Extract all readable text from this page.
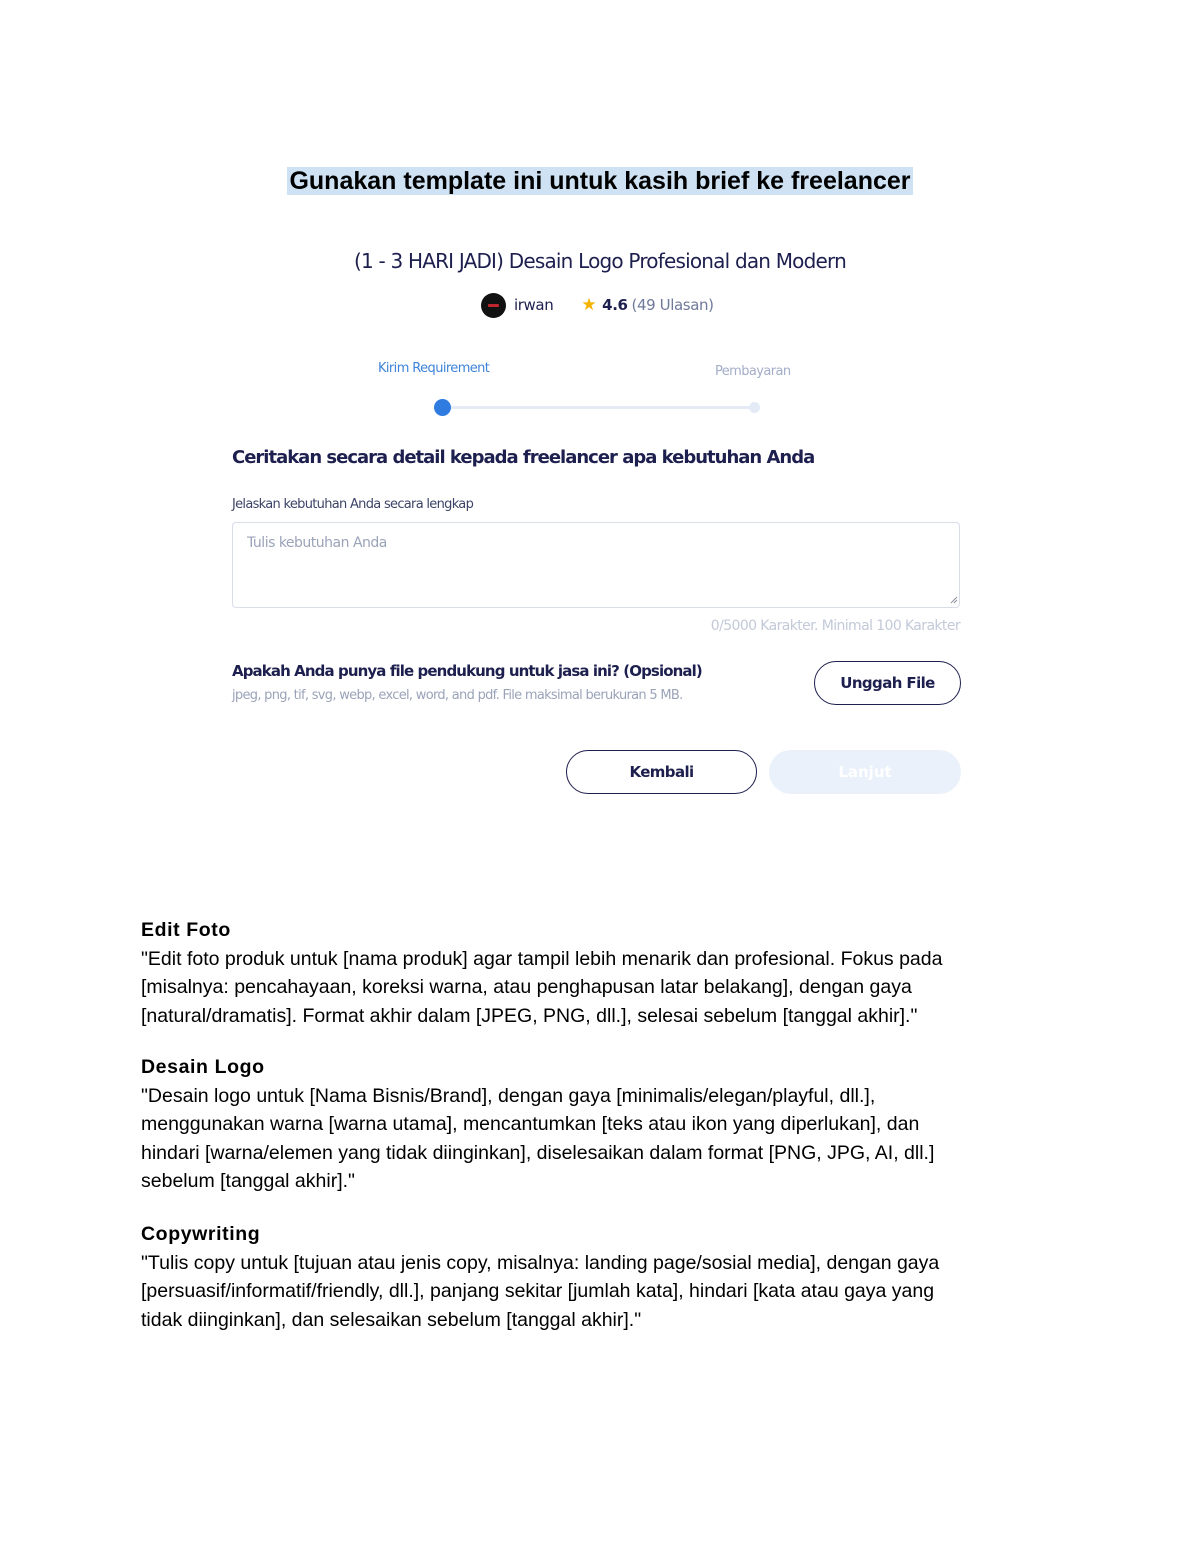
Gunakan template ini untuk kasih brief ke freelancer
(1 - 3 HARI JADI) Desain Logo Profesional dan Modern
irwan ★ 4.6 (49 Ulasan)
Kirim Requirement	Pembayaran
Ceritakan secara detail kepada freelancer apa kebutuhan Anda
Jelaskan kebutuhan Anda secara lengkap
Tulis kebutuhan Anda
0/5000 Karakter. Minimal 100 Karakter
Apakah Anda punya file pendukung untuk jasa ini? (Opsional)
jpeg, png, tif, svg, webp, excel, word, and pdf. File maksimal berukuran 5 MB.
Unggah File
Kembali	Lanjut
Edit Foto

"Edit foto produk untuk [nama produk] agar tampil lebih menarik dan profesional. Fokus pada
[misalnya: pencahayaan, koreksi warna, atau penghapusan latar belakang], dengan gaya
[natural/dramatis]. Format akhir dalam [JPEG, PNG, dll.], selesai sebelum [tanggal akhir]."

Desain Logo

"Desain logo untuk [Nama Bisnis/Brand], dengan gaya [minimalis/elegan/playful, dll.],
menggunakan warna [warna utama], mencantumkan [teks atau ikon yang diperlukan], dan
hindari [warna/elemen yang tidak diinginkan], diselesaikan dalam format [PNG, JPG, AI, dll.]
sebelum [tanggal akhir]."

Copywriting

"Tulis copy untuk [tujuan atau jenis copy, misalnya: landing page/sosial media], dengan gaya
[persuasif/informatif/friendly, dll.], panjang sekitar [jumlah kata], hindari [kata atau gaya yang
tidak diinginkan], dan selesaikan sebelum [tanggal akhir]."
